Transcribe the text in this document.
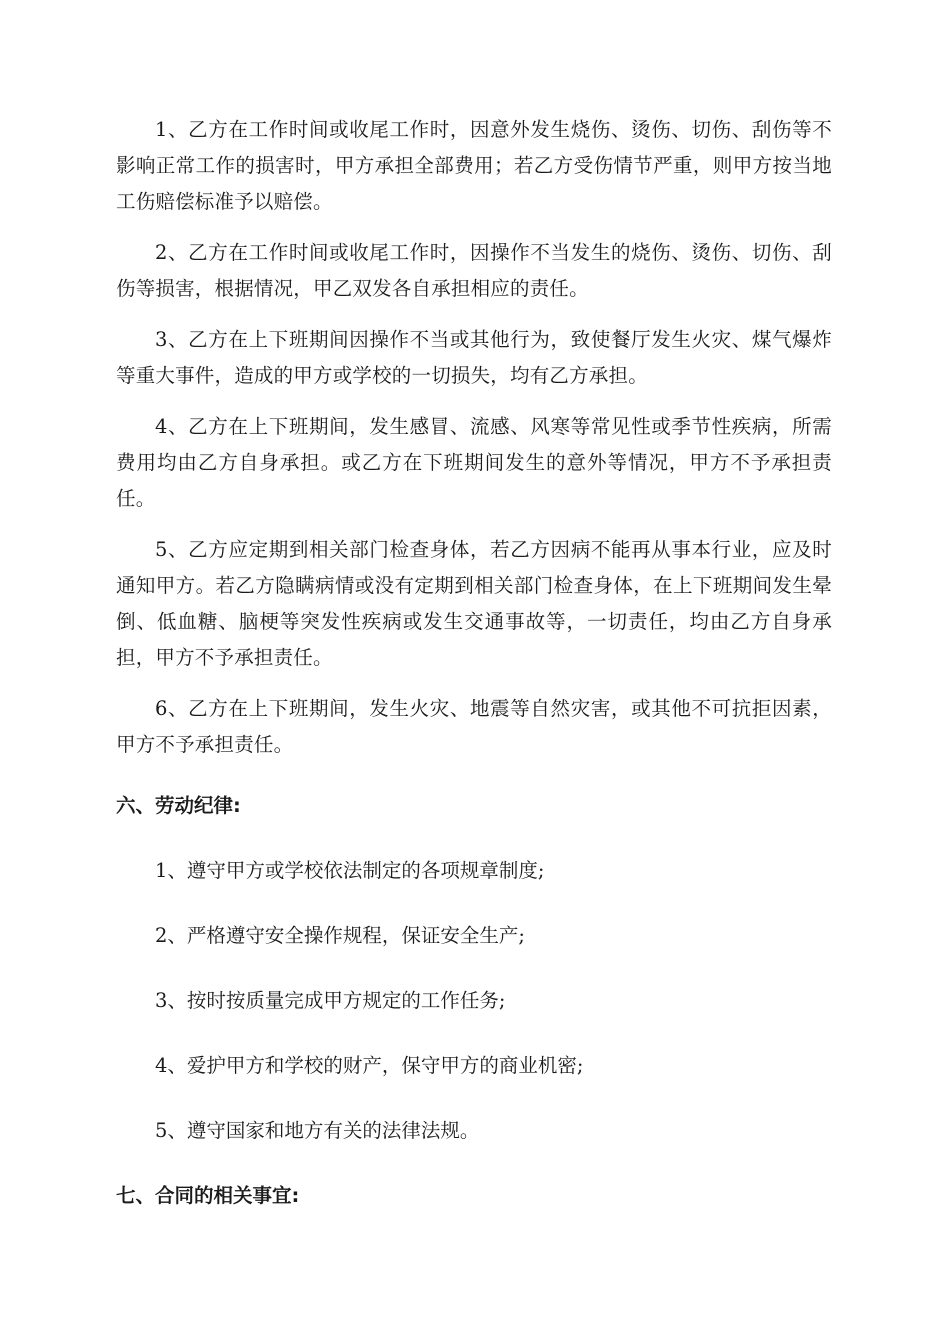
1、乙方在工作时间或收尾工作时，因意外发生烧伤、烫伤、切伤、刮伤等不影响正常工作的损害时，甲方承担全部费用；若乙方受伤情节严重，则甲方按当地工伤赔偿标准予以赔偿。

2、乙方在工作时间或收尾工作时，因操作不当发生的烧伤、烫伤、切伤、刮伤等损害，根据情况，甲乙双发各自承担相应的责任。

3、乙方在上下班期间因操作不当或其他行为，致使餐厅发生火灾、煤气爆炸等重大事件，造成的甲方或学校的一切损失，均有乙方承担。

4、乙方在上下班期间，发生感冒、流感、风寒等常见性或季节性疾病，所需费用均由乙方自身承担。或乙方在下班期间发生的意外等情况，甲方不予承担责任。

5、乙方应定期到相关部门检查身体，若乙方因病不能再从事本行业，应及时通知甲方。若乙方隐瞒病情或没有定期到相关部门检查身体，在上下班期间发生晕倒、低血糖、脑梗等突发性疾病或发生交通事故等，一切责任，均由乙方自身承担，甲方不予承担责任。

6、乙方在上下班期间，发生火灾、地震等自然灾害，或其他不可抗拒因素，甲方不予承担责任。

六、劳动纪律:

1、遵守甲方或学校依法制定的各项规章制度;

2、严格遵守安全操作规程，保证安全生产;

3、按时按质量完成甲方规定的工作任务;

4、爱护甲方和学校的财产，保守甲方的商业机密;

5、遵守国家和地方有关的法律法规。

七、合同的相关事宜:
